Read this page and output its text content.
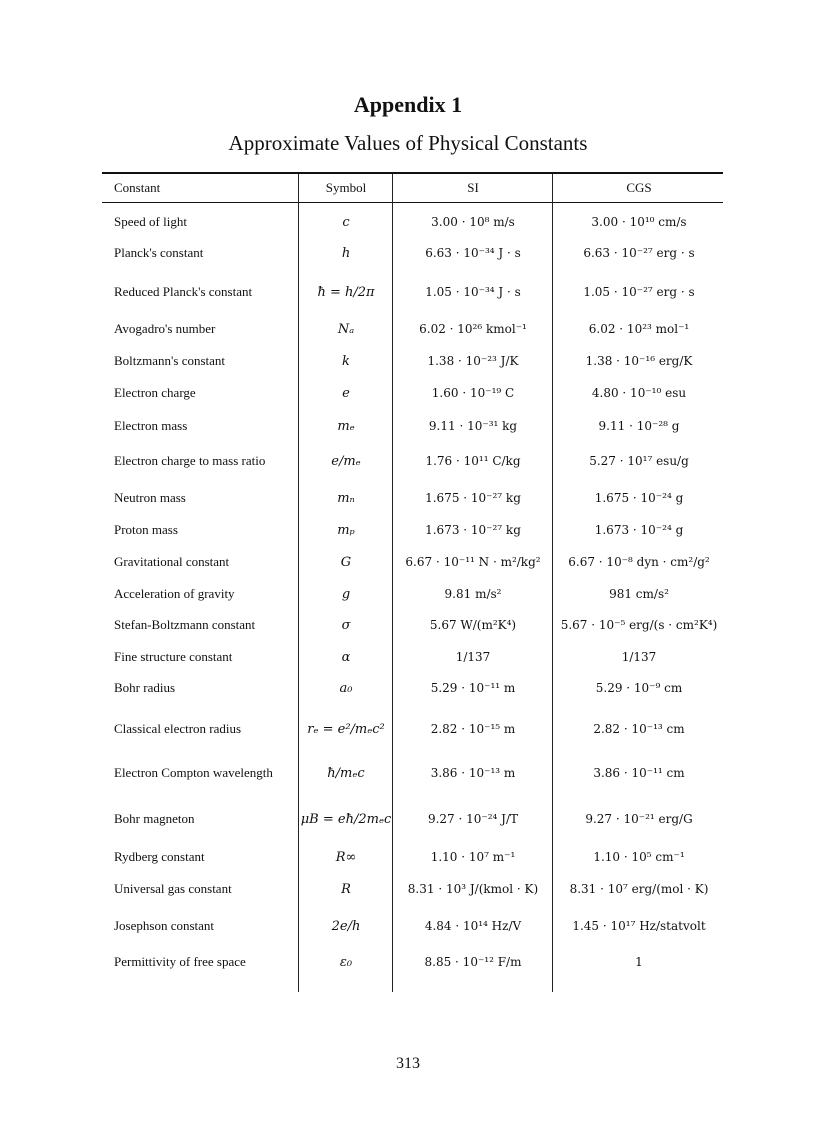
Appendix 1
Approximate Values of Physical Constants
Constant	Symbol	SI	CGS
Speed of light	c	3.00 · 10⁸ m/s	3.00 · 10¹⁰ cm/s
Planck's constant	h	6.63 · 10⁻³⁴ J · s	6.63 · 10⁻²⁷ erg · s
Reduced Planck's constant	ħ = h/2π	1.05 · 10⁻³⁴ J · s	1.05 · 10⁻²⁷ erg · s
Avogadro's number	Nₐ	6.02 · 10²⁶ kmol⁻¹	6.02 · 10²³ mol⁻¹
Boltzmann's constant	k	1.38 · 10⁻²³ J/K	1.38 · 10⁻¹⁶ erg/K
Electron charge	e	1.60 · 10⁻¹⁹ C	4.80 · 10⁻¹⁰ esu
Electron mass	mₑ	9.11 · 10⁻³¹ kg	9.11 · 10⁻²⁸ g
Electron charge to mass ratio	e/mₑ	1.76 · 10¹¹ C/kg	5.27 · 10¹⁷ esu/g
Neutron mass	mₙ	1.675 · 10⁻²⁷ kg	1.675 · 10⁻²⁴ g
Proton mass	mₚ	1.673 · 10⁻²⁷ kg	1.673 · 10⁻²⁴ g
Gravitational constant	G	6.67 · 10⁻¹¹ N · m²/kg²	6.67 · 10⁻⁸ dyn · cm²/g²
Acceleration of gravity	g	9.81 m/s²	981 cm/s²
Stefan-Boltzmann constant	σ	5.67 W/(m²K⁴)	5.67 · 10⁻⁵ erg/(s · cm²K⁴)
Fine structure constant	α	1/137	1/137
Bohr radius	a₀	5.29 · 10⁻¹¹ m	5.29 · 10⁻⁹ cm
Classical electron radius	rₑ = e²/mₑc²	2.82 · 10⁻¹⁵ m	2.82 · 10⁻¹³ cm
Electron Compton wavelength	ħ/mₑc	3.86 · 10⁻¹³ m	3.86 · 10⁻¹¹ cm
Bohr magneton	μB = eħ/2mₑc	9.27 · 10⁻²⁴ J/T	9.27 · 10⁻²¹ erg/G
Rydberg constant	R∞	1.10 · 10⁷ m⁻¹	1.10 · 10⁵ cm⁻¹
Universal gas constant	R	8.31 · 10³ J/(kmol · K)	8.31 · 10⁷ erg/(mol · K)
Josephson constant	2e/h	4.84 · 10¹⁴ Hz/V	1.45 · 10¹⁷ Hz/statvolt
Permittivity of free space	ε₀	8.85 · 10⁻¹² F/m	1
313
